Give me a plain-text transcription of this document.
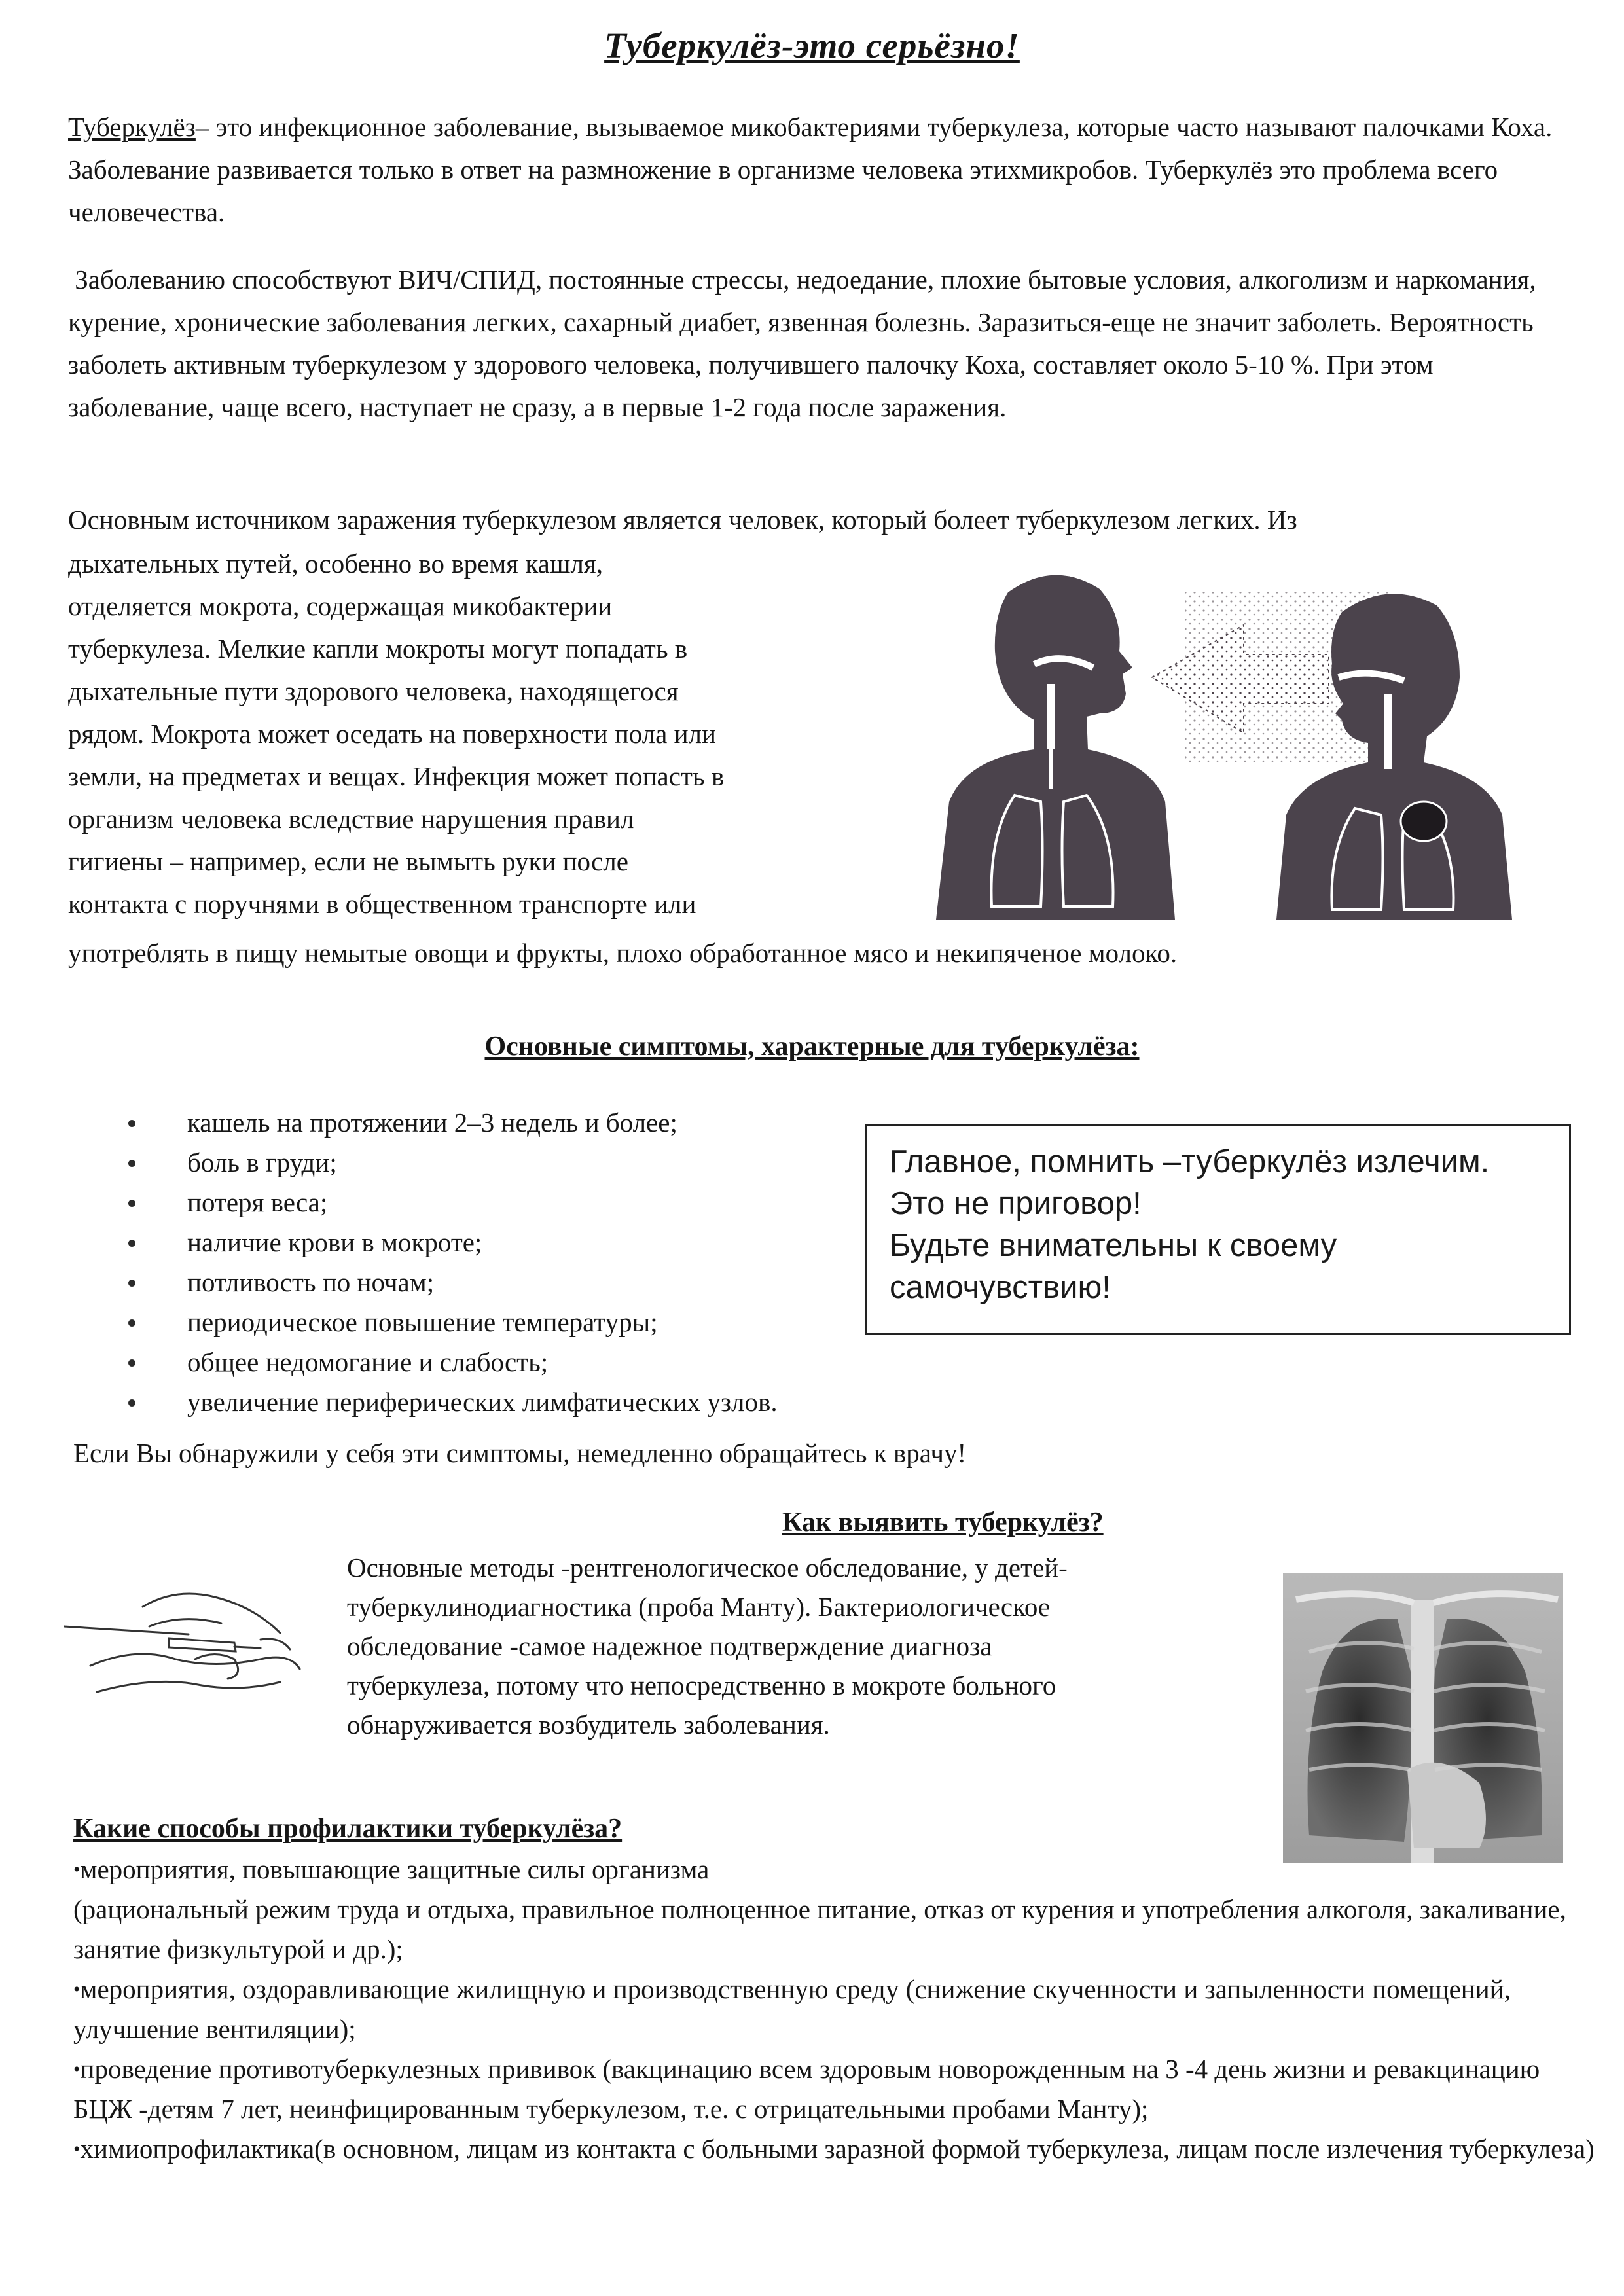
Туберкулёз-это серьёзно!

Туберкулёз– это инфекционное заболевание, вызываемое микобактериями туберкулеза, которые часто называют палочками Коха. Заболевание развивается только в ответ на размножение в организме человека этихмикробов. Туберкулёз это проблема всего человечества.

Заболеванию способствуют ВИЧ/СПИД, постоянные стрессы, недоедание, плохие бытовые условия, алкоголизм и наркомания, курение, хронические заболевания легких, сахарный диабет, язвенная болезнь. Заразиться-еще не значит заболеть. Вероятность заболеть активным туберкулезом у здорового человека, получившего палочку Коха, составляет около 5-10 %. При этом заболевание, чаще всего, наступает не сразу, а в первые 1-2 года после заражения.

Основным источником заражения туберкулезом является человек, который болеет туберкулезом легких. Из
дыхательных путей, особенно во время кашля,
отделяется мокрота, содержащая микобактерии
туберкулеза. Мелкие капли мокроты могут попадать в
дыхательные пути здорового человека, находящегося
рядом. Мокрота может оседать на поверхности пола или
земли, на предметах и вещах. Инфекция может попасть в
организм человека вследствие нарушения правил
гигиены – например, если не вымыть руки после
контакта с поручнями в общественном транспорте или
употреблять в пищу немытые овощи и фрукты, плохо обработанное мясо и некипяченое молоко.
Основные симптомы, характерные для туберкулёза:
кашель на протяжении 2–3 недель и более;
боль в груди;
потеря веса;
наличие крови в мокроте;
потливость по ночам;
периодическое повышение температуры;
общее недомогание и слабость;
увеличение периферических лимфатических узлов.

Главное, помнить –туберкулёз излечим.

Это не приговор!

Будьте внимательны к своему

самочувствию!

Если Вы обнаружили у себя эти симптомы, немедленно обращайтесь к врачу!
Как выявить туберкулёз?
Основные методы -рентгенологическое обследование, у детей-
туберкулинодиагностика (проба Манту). Бактериологическое
обследование -самое надежное подтверждение диагноза
туберкулеза, потому что непосредственно в мокроте больного
обнаруживается возбудитель заболевания.
Какие способы профилактики туберкулёза?

•мероприятия, повышающие защитные силы организма

(рациональный режим труда и отдыха, правильное полноценное питание, отказ от курения и употребления алкоголя, закаливание, занятие физкультурой и др.);

•мероприятия, оздоравливающие жилищную и производственную среду (снижение скученности и запыленности помещений, улучшение вентиляции);

•проведение противотуберкулезных прививок (вакцинацию всем здоровым новорожденным на 3 -4 день жизни и ревакцинацию БЦЖ -детям 7 лет, неинфицированным туберкулезом, т.е. с отрицательными пробами Манту);

•химиопрофилактика(в основном, лицам из контакта с больными заразной формой туберкулеза, лицам после излечения туберкулеза)
